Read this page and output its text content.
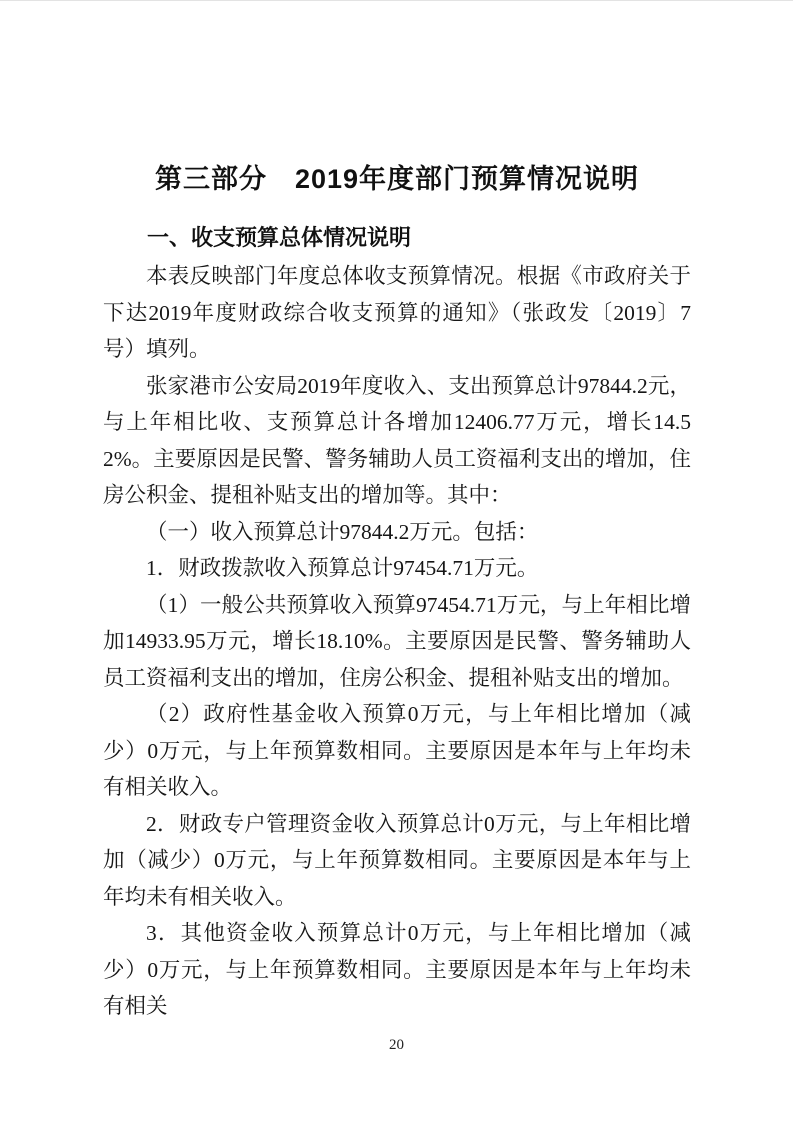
第三部分　2019年度部门预算情况说明
一、收支预算总体情况说明

本表反映部门年度总体收支预算情况。根据《市政府关于下达2019年度财政综合收支预算的通知》（张政发〔2019〕7号）填列。

张家港市公安局2019年度收入、支出预算总计97844.2元，与上年相比收、支预算总计各增加12406.77万元，增长14.52%。主要原因是民警、警务辅助人员工资福利支出的增加，住房公积金、提租补贴支出的增加等。其中：

（一）收入预算总计97844.2万元。包括：

1．财政拨款收入预算总计97454.71万元。

（1）一般公共预算收入预算97454.71万元，与上年相比增加14933.95万元，增长18.10%。主要原因是民警、警务辅助人员工资福利支出的增加，住房公积金、提租补贴支出的增加。

（2）政府性基金收入预算0万元，与上年相比增加（减少）0万元，与上年预算数相同。主要原因是本年与上年均未有相关收入。

2．财政专户管理资金收入预算总计0万元，与上年相比增加（减少）0万元，与上年预算数相同。主要原因是本年与上年均未有相关收入。

3．其他资金收入预算总计0万元，与上年相比增加（减少）0万元，与上年预算数相同。主要原因是本年与上年均未有相关

20
